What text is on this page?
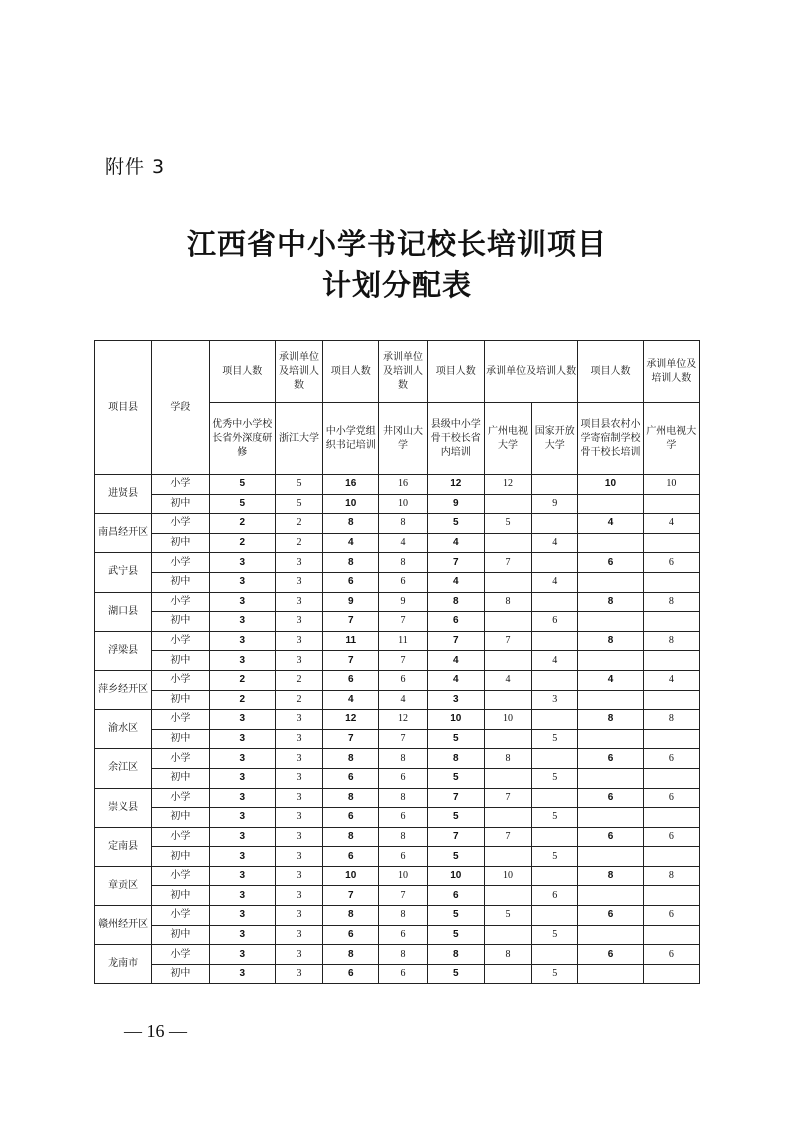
附件 3
江西省中小学书记校长培训项目
计划分配表
项目县	学段	项目人数	承训单位及培训人数	项目人数	承训单位及培训人数	项目人数	承训单位及培训人数		项目人数	承训单位及培训人数
		优秀中小学校长省外深度研修	浙江大学	中小学党组织书记培训	井冈山大学	县级中小学骨干校长省内培训	广州电视大学	国家开放大学	项目县农村小学寄宿制学校骨干校长培训	广州电视大学
进贤县	小学	5	5	16	16	12	12		10	10
	初中	5	5	10	10	9		9		
南昌经开区	小学	2	2	8	8	5	5		4	4
	初中	2	2	4	4	4		4		
武宁县	小学	3	3	8	8	7	7		6	6
	初中	3	3	6	6	4		4		
湖口县	小学	3	3	9	9	8	8		8	8
	初中	3	3	7	7	6		6		
浮梁县	小学	3	3	11	11	7	7		8	8
	初中	3	3	7	7	4		4		
萍乡经开区	小学	2	2	6	6	4	4		4	4
	初中	2	2	4	4	3		3		
渝水区	小学	3	3	12	12	10	10		8	8
	初中	3	3	7	7	5		5		
余江区	小学	3	3	8	8	8	8		6	6
	初中	3	3	6	6	5		5		
崇义县	小学	3	3	8	8	7	7		6	6
	初中	3	3	6	6	5		5		
定南县	小学	3	3	8	8	7	7		6	6
	初中	3	3	6	6	5		5		
章贡区	小学	3	3	10	10	10	10		8	8
	初中	3	3	7	7	6		6		
赣州经开区	小学	3	3	8	8	5	5		6	6
	初中	3	3	6	6	5		5		
龙南市	小学	3	3	8	8	8	8		6	6
	初中	3	3	6	6	5		5		
— 16 —
